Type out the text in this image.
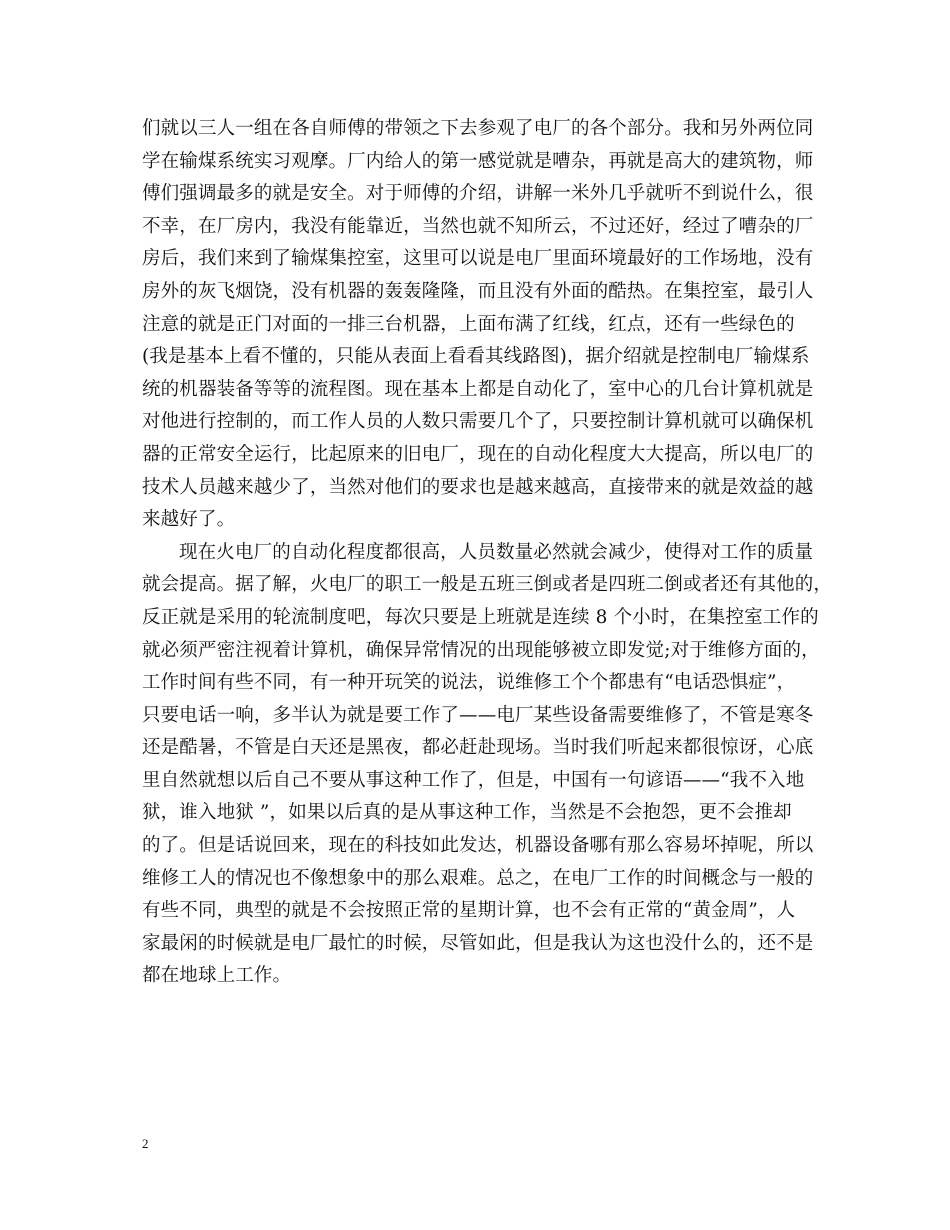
们就以三人一组在各自师傅的带领之下去参观了电厂的各个部分。我和另外两位同
学在输煤系统实习观摩。厂内给人的第一感觉就是嘈杂，再就是高大的建筑物，师
傅们强调最多的就是安全。对于师傅的介绍，讲解一米外几乎就听不到说什么，很
不幸，在厂房内，我没有能靠近，当然也就不知所云，不过还好，经过了嘈杂的厂
房后，我们来到了输煤集控室，这里可以说是电厂里面环境最好的工作场地，没有
房外的灰飞烟饶，没有机器的轰轰隆隆，而且没有外面的酷热。在集控室，最引人
注意的就是正门对面的一排三台机器，上面布满了红线，红点，还有一些绿色的
(我是基本上看不懂的，只能从表面上看看其线路图)，据介绍就是控制电厂输煤系
统的机器装备等等的流程图。现在基本上都是自动化了，室中心的几台计算机就是
对他进行控制的，而工作人员的人数只需要几个了，只要控制计算机就可以确保机
器的正常安全运行，比起原来的旧电厂，现在的自动化程度大大提高，所以电厂的
技术人员越来越少了，当然对他们的要求也是越来越高，直接带来的就是效益的越
来越好了。
现在火电厂的自动化程度都很高，人员数量必然就会减少，使得对工作的质量
就会提高。据了解，火电厂的职工一般是五班三倒或者是四班二倒或者还有其他的，
反正就是采用的轮流制度吧，每次只要是上班就是连续 8 个小时，在集控室工作的
就必须严密注视着计算机，确保异常情况的出现能够被立即发觉;对于维修方面的，
工作时间有些不同，有一种开玩笑的说法，说维修工个个都患有“电话恐惧症”，
只要电话一响，多半认为就是要工作了——电厂某些设备需要维修了，不管是寒冬
还是酷暑，不管是白天还是黑夜，都必赶赴现场。当时我们听起来都很惊讶，心底
里自然就想以后自己不要从事这种工作了，但是，中国有一句谚语——“我不入地
狱，谁入地狱 ”，如果以后真的是从事这种工作，当然是不会抱怨，更不会推却
的了。但是话说回来，现在的科技如此发达，机器设备哪有那么容易坏掉呢，所以
维修工人的情况也不像想象中的那么艰难。总之，在电厂工作的时间概念与一般的
有些不同，典型的就是不会按照正常的星期计算，也不会有正常的“黄金周”，人
家最闲的时候就是电厂最忙的时候，尽管如此，但是我认为这也没什么的，还不是
都在地球上工作。
2
